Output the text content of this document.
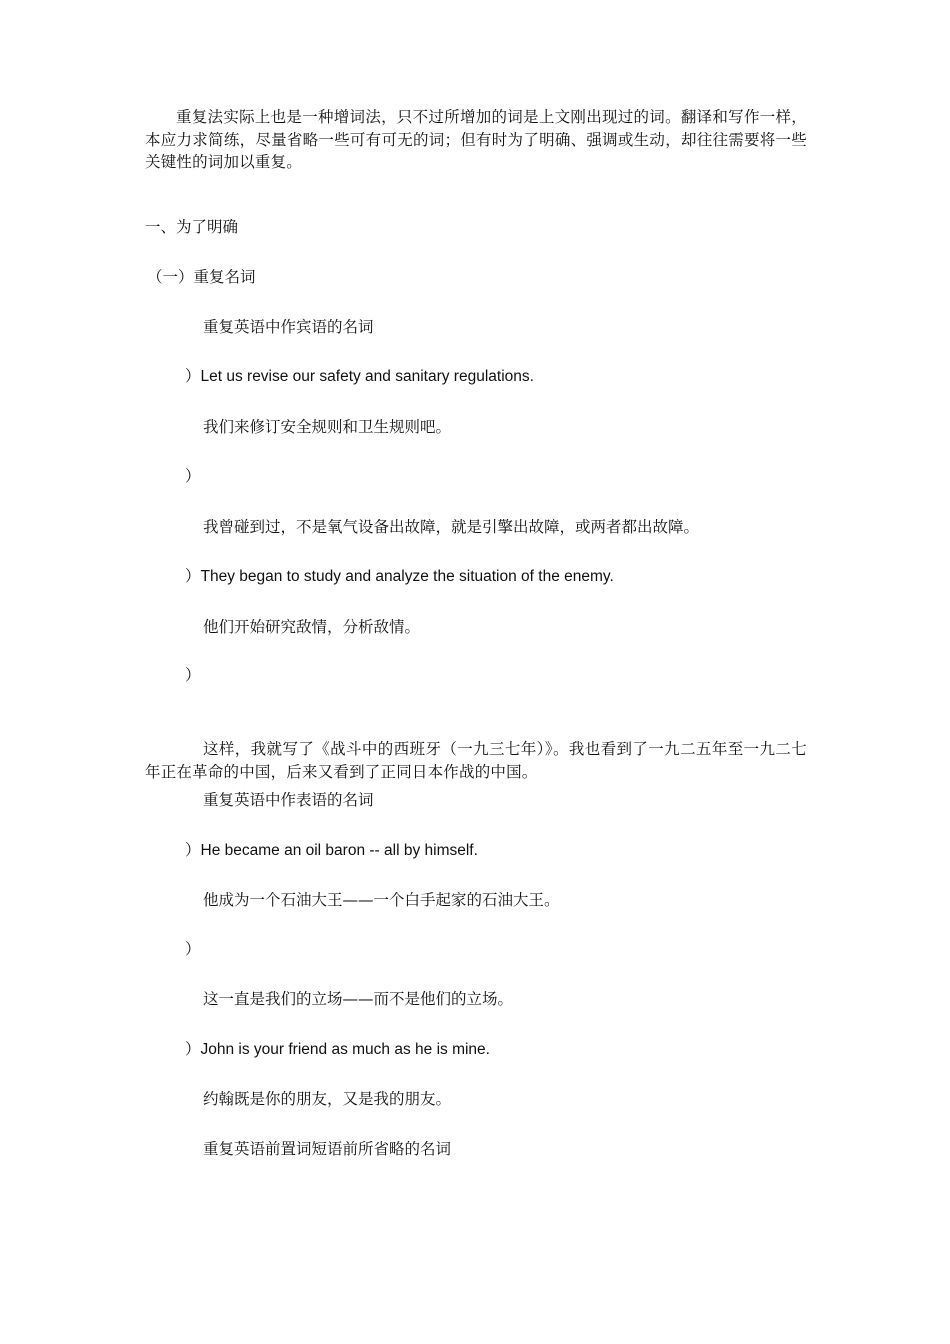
重复法实际上也是一种增词法，只不过所增加的词是上文刚出现过的词。翻译和写作一样，本应力求简练，尽量省略一些可有可无的词；但有时为了明确、强调或生动，却往往需要将一些关键性的词加以重复。

一、为了明确
（一）重复名词
重复英语中作宾语的名词
）Let us revise our safety and sanitary regulations.
我们来修订安全规则和卫生规则吧。
）
我曾碰到过，不是氧气设备出故障，就是引擎出故障，或两者都出故障。
）They began to study and analyze the situation of the enemy.
他们开始研究敌情，分析敌情。
）

这样，我就写了《战斗中的西班牙（一九三七年）》。我也看到了一九二五年至一九二七年正在革命的中国，后来又看到了正同日本作战的中国。

重复英语中作表语的名词
）He became an oil baron -- all by himself.
他成为一个石油大王——一个白手起家的石油大王。
）
这一直是我们的立场——而不是他们的立场。
）John is your friend as much as he is mine.
约翰既是你的朋友，又是我的朋友。
重复英语前置词短语前所省略的名词
